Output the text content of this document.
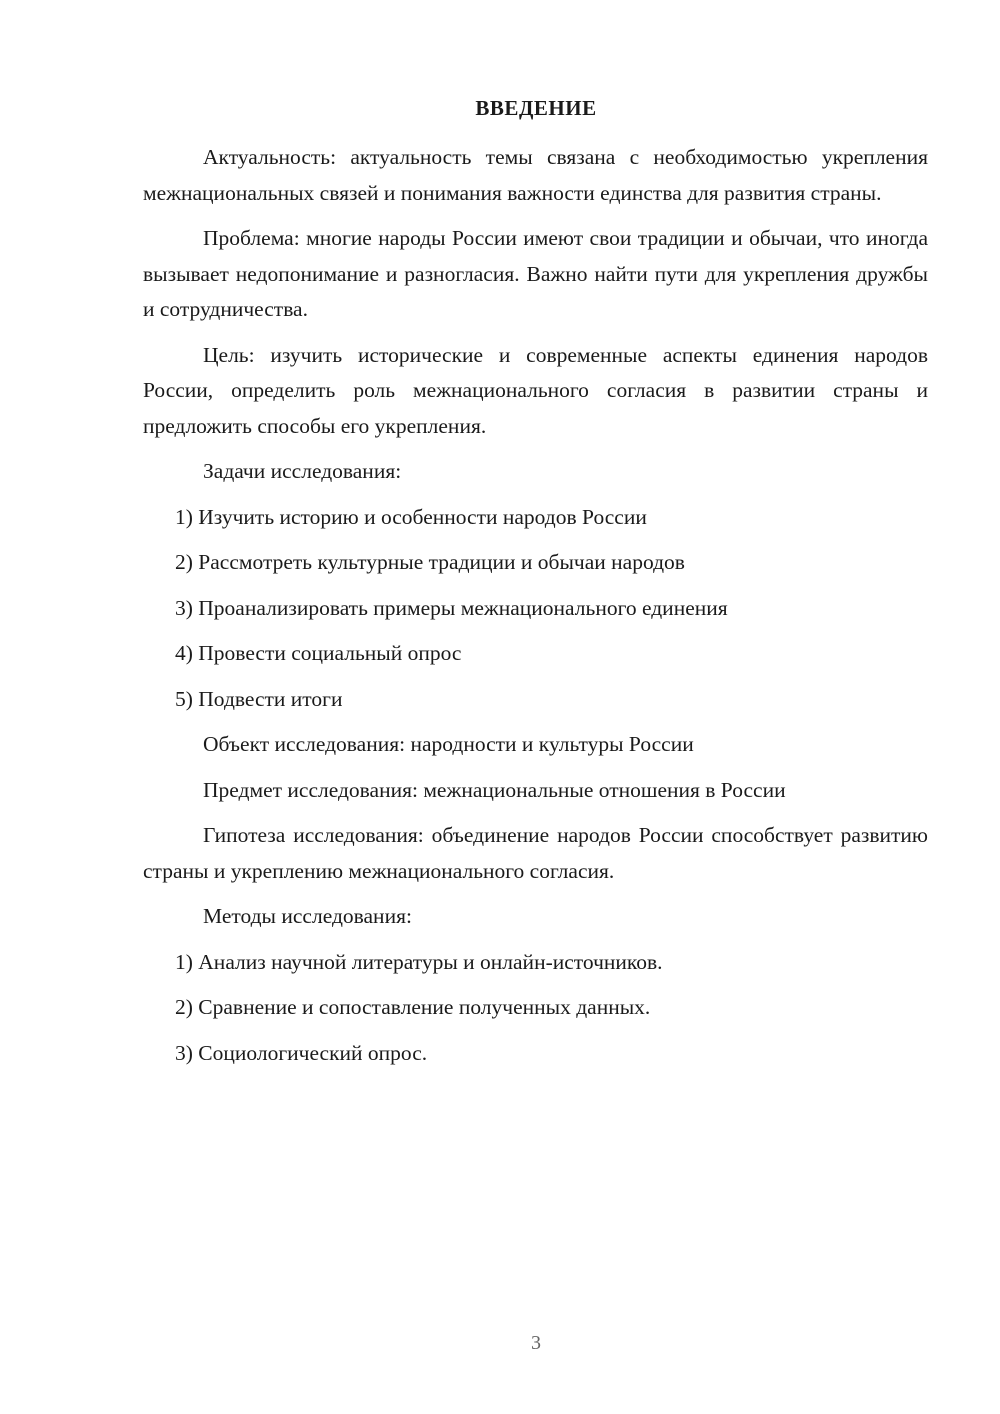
ВВЕДЕНИЕ

Актуальность: актуальность темы связана с необходимостью укрепления межнациональных связей и понимания важности единства для развития страны.

Проблема: многие народы России имеют свои традиции и обычаи, что иногда вызывает недопонимание и разногласия. Важно найти пути для укрепления дружбы и сотрудничества.

Цель: изучить исторические и современные аспекты единения народов России, определить роль межнационального согласия в развитии страны и предложить способы его укрепления.

Задачи исследования:

1) Изучить историю и особенности народов России

2) Рассмотреть культурные традиции и обычаи народов

3) Проанализировать примеры межнационального единения

4) Провести социальный опрос

5) Подвести итоги

Объект исследования: народности и культуры России

Предмет исследования: межнациональные отношения в России

Гипотеза исследования: объединение народов России способствует развитию страны и укреплению межнационального согласия.

Методы исследования:

1) Анализ научной литературы и онлайн-источников.

2) Сравнение и сопоставление полученных данных.

3) Социологический опрос.

3
